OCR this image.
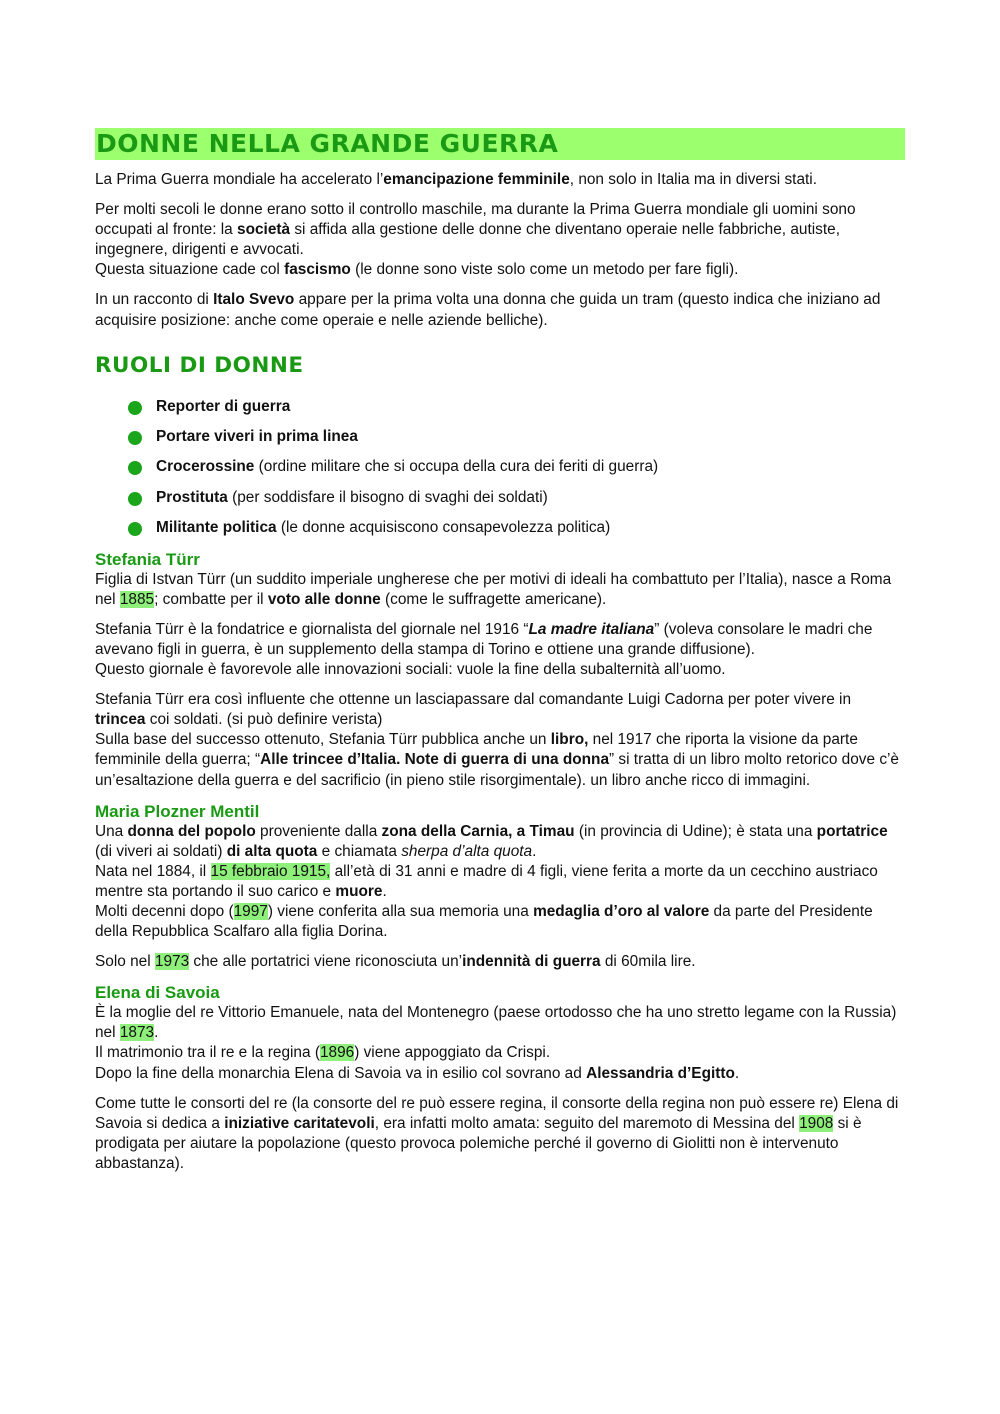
DONNE NELLA GRANDE GUERRA

La Prima Guerra mondiale ha accelerato l’emancipazione femminile, non solo in Italia ma in diversi stati.

Per molti secoli le donne erano sotto il controllo maschile, ma durante la Prima Guerra mondiale gli uomini sono occupati al fronte: la società si affida alla gestione delle donne che diventano operaie nelle fabbriche, autiste, ingegnere, dirigenti e avvocati.
Questa situazione cade col fascismo (le donne sono viste solo come un metodo per fare figli).

In un racconto di Italo Svevo appare per la prima volta una donna che guida un tram (questo indica che iniziano ad acquisire posizione: anche come operaie e nelle aziende belliche).

RUOLI DI DONNE
Reporter di guerra
Portare viveri in prima linea
Crocerossine (ordine militare che si occupa della cura dei feriti di guerra)
Prostituta (per soddisfare il bisogno di svaghi dei soldati)
Militante politica (le donne acquisiscono consapevolezza politica)
Stefania Türr

Figlia di Istvan Türr (un suddito imperiale ungherese che per motivi di ideali ha combattuto per l’Italia), nasce a Roma nel 1885; combatte per il voto alle donne (come le suffragette americane).

Stefania Türr è la fondatrice e giornalista del giornale nel 1916 “La madre italiana” (voleva consolare le madri che avevano figli in guerra, è un supplemento della stampa di Torino e ottiene una grande diffusione).
Questo giornale è favorevole alle innovazioni sociali: vuole la fine della subalternità all’uomo.

Stefania Türr era così influente che ottenne un lasciapassare dal comandante Luigi Cadorna per poter vivere in trincea coi soldati. (si può definire verista)
Sulla base del successo ottenuto, Stefania Türr pubblica anche un libro, nel 1917 che riporta la visione da parte femminile della guerra; “Alle trincee d’Italia. Note di guerra di una donna” si tratta di un libro molto retorico dove c’è un’esaltazione della guerra e del sacrificio (in pieno stile risorgimentale). un libro anche ricco di immagini.

Maria Plozner Mentil

Una donna del popolo proveniente dalla zona della Carnia, a Timau (in provincia di Udine); è stata una portatrice (di viveri ai soldati) di alta quota e chiamata sherpa d’alta quota.
Nata nel 1884, il 15 febbraio 1915, all’età di 31 anni e madre di 4 figli, viene ferita a morte da un cecchino austriaco mentre sta portando il suo carico e muore.
Molti decenni dopo (1997) viene conferita alla sua memoria una medaglia d’oro al valore da parte del Presidente della Repubblica Scalfaro alla figlia Dorina.

Solo nel 1973 che alle portatrici viene riconosciuta un’indennità di guerra di 60mila lire.

Elena di Savoia

È la moglie del re Vittorio Emanuele, nata del Montenegro (paese ortodosso che ha uno stretto legame con la Russia) nel 1873.
Il matrimonio tra il re e la regina (1896) viene appoggiato da Crispi.
Dopo la fine della monarchia Elena di Savoia va in esilio col sovrano ad Alessandria d’Egitto.

Come tutte le consorti del re (la consorte del re può essere regina, il consorte della regina non può essere re) Elena di Savoia si dedica a iniziative caritatevoli, era infatti molto amata: seguito del maremoto di Messina del 1908 si è prodigata per aiutare la popolazione (questo provoca polemiche perché il governo di Giolitti non è intervenuto abbastanza).
